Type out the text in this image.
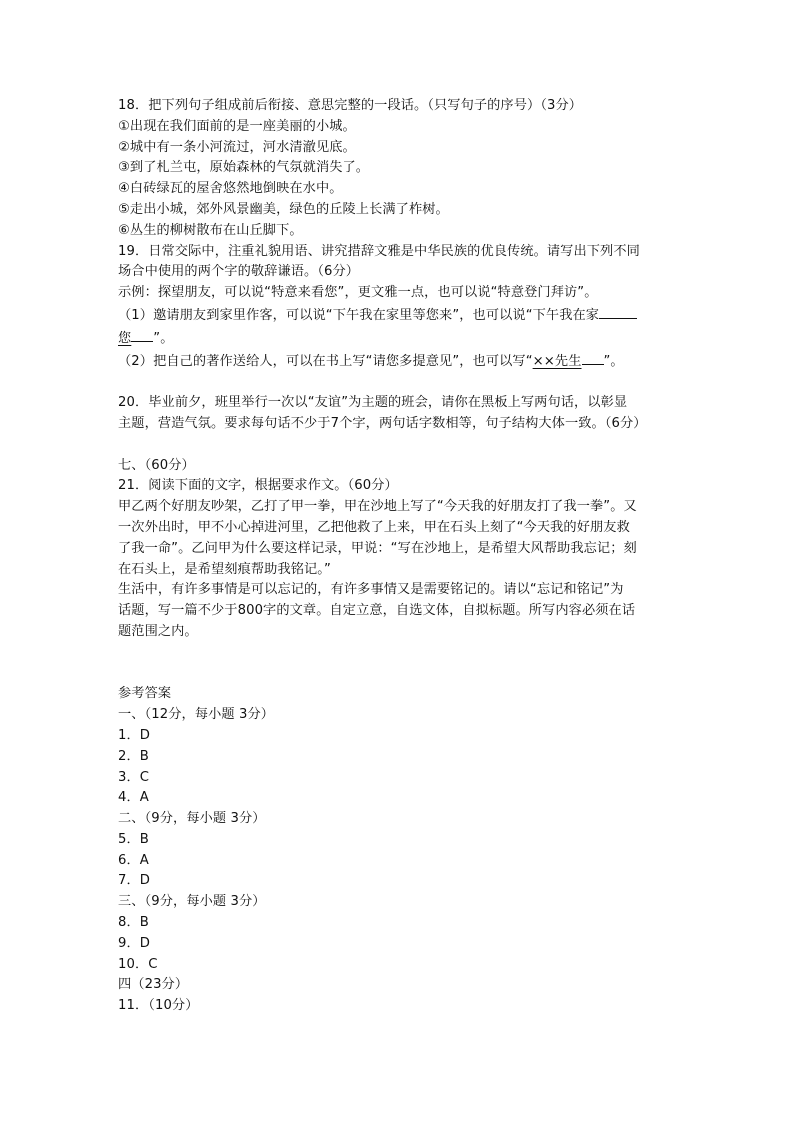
18．把下列句子组成前后衔接、意思完整的一段话。（只写句子的序号）（3分）
①出现在我们面前的是一座美丽的小城。
②城中有一条小河流过，河水清澈见底。
③到了札兰屯，原始森林的气氛就消失了。
④白砖绿瓦的屋舍悠然地倒映在水中。
⑤走出小城，郊外风景幽美，绿色的丘陵上长满了柞树。
⑥丛生的柳树散布在山丘脚下。
19．日常交际中，注重礼貌用语、讲究措辞文雅是中华民族的优良传统。请写出下列不同
场合中使用的两个字的敬辞谦语。（6分）
示例：探望朋友，可以说“特意来看您”，更文雅一点，也可以说“特意登门拜访”。
（1）邀请朋友到家里作客，可以说“下午我在家里等您来”，也可以说“下午我在家
您 ”。
（2）把自己的著作送给人，可以在书上写“请您多提意见”，也可以写“××先生 ”。
20．毕业前夕，班里举行一次以“友谊”为主题的班会，请你在黑板上写两句话，以彰显
主题，营造气氛。要求每句话不少于7个字，两句话字数相等，句子结构大体一致。（6分）
七、（60分）
21．阅读下面的文字，根据要求作文。（60分）
甲乙两个好朋友吵架，乙打了甲一拳，甲在沙地上写了“今天我的好朋友打了我一拳”。又
一次外出时，甲不小心掉进河里，乙把他救了上来，甲在石头上刻了“今天我的好朋友救
了我一命”。乙问甲为什么要这样记录，甲说：“写在沙地上，是希望大风帮助我忘记；刻
在石头上，是希望刻痕帮助我铭记。”
生活中，有许多事情是可以忘记的，有许多事情又是需要铭记的。请以“忘记和铭记”为
话题，写一篇不少于800字的文章。自定立意，自选文体，自拟标题。所写内容必须在话
题范围之内。
参考答案
一、（12分，每小题 3分）
1．D
2．B
3．C
4．A
二、（9分，每小题 3分）
5．B
6．A
7．D
三、（9分，每小题 3分）
8．B
9．D
10．C
四（23分）
11．（10分）
